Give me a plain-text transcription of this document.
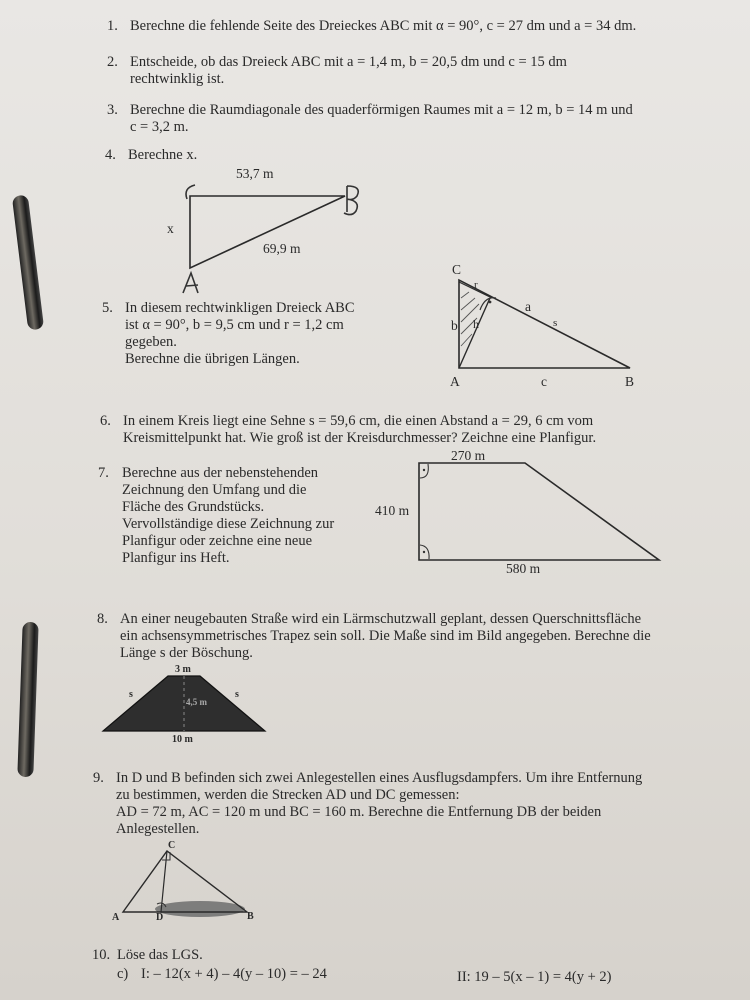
1. Berechne die fehlende Seite des Dreieckes ABC mit α = 90°, c = 27 dm und a = 34 dm.
2. Entscheide, ob das Dreieck ABC mit a = 1,4 m, b = 20,5 dm und c = 15 dm
rechtwinklig ist.
3. Berechne die Raumdiagonale des quaderförmigen Raumes mit a = 12 m, b = 14 m und
c = 3,2 m.
4. Berechne x.
53,7 m
69,9 m
x
5. In diesem rechtwinkligen Dreieck ABC
ist α = 90°, b = 9,5 cm und r = 1,2 cm
gegeben.
Berechne die übrigen Längen.
C
a
s
b h
r
A	c	B
6. In einem Kreis liegt eine Sehne s = 59,6 cm, die einen Abstand a = 29, 6 cm vom
Kreismittelpunkt hat. Wie groß ist der Kreisdurchmesser? Zeichne eine Planfigur.
7. Berechne aus der nebenstehenden
Zeichnung den Umfang und die
Fläche des Grundstücks.
Vervollständige diese Zeichnung zur
Planfigur oder zeichne eine neue
Planfigur ins Heft.
270 m
410 m
580 m
8. An einer neugebauten Straße wird ein Lärmschutzwall geplant, dessen Querschnittsfläche
ein achsensymmetrisches Trapez sein soll. Die Maße sind im Bild angegeben. Berechne die
Länge s der Böschung.
3 m
10 m
s	s
4,5 m
9. In D und B befinden sich zwei Anlegestellen eines Ausflugsdampfers. Um ihre Entfernung
zu bestimmen, werden die Strecken AD und DC gemessen:
AD = 72 m, AC = 120 m und BC = 160 m. Berechne die Entfernung DB der beiden
Anlegestellen.
C
A	D	B
10. Löse das LGS.
c) I: – 12(x + 4) – 4(y – 10) = – 24	II: 19 – 5(x – 1) = 4(y + 2)
